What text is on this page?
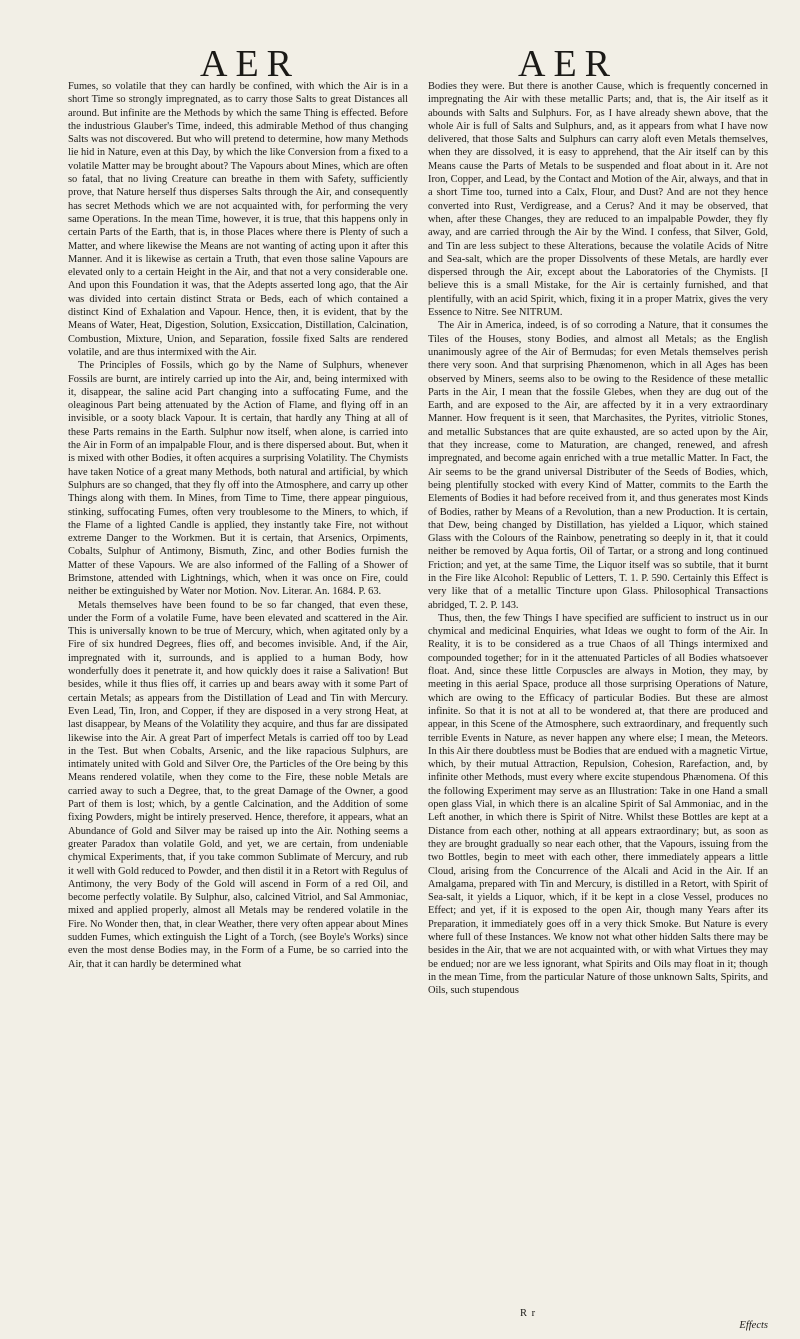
AER	AER

Fumes, so volatile that they can hardly be confined, with which the Air is in a short Time so strongly impregnated, as to carry those Salts to great Distances all around. But infinite are the Methods by which the same Thing is effected. Before the industrious Glauber's Time, indeed, this admirable Method of thus changing Salts was not discovered. But who will pretend to determine, how many Methods lie hid in Nature, even at this Day, by which the like Conversion from a fixed to a volatile Matter may be brought about? The Vapours about Mines, which are often so fatal, that no living Creature can breathe in them with Safety, sufficiently prove, that Nature herself thus disperses Salts through the Air, and consequently has secret Methods which we are not acquainted with, for performing the very same Operations. In the mean Time, however, it is true, that this happens only in certain Parts of the Earth, that is, in those Places where there is Plenty of such a Matter, and where likewise the Means are not wanting of acting upon it after this Manner. And it is likewise as certain a Truth, that even those saline Vapours are elevated only to a certain Height in the Air, and that not a very considerable one. And upon this Foundation it was, that the Adepts asserted long ago, that the Air was divided into certain distinct Strata or Beds, each of which contained a distinct Kind of Exhalation and Vapour. Hence, then, it is evident, that by the Means of Water, Heat, Digestion, Solution, Exsiccation, Distillation, Calcination, Combustion, Mixture, Union, and Separation, fossile fixed Salts are rendered volatile, and are thus intermixed with the Air.

The Principles of Fossils, which go by the Name of Sulphurs, whenever Fossils are burnt, are intirely carried up into the Air, and, being intermixed with it, disappear, the saline acid Part changing into a suffocating Fume, and the oleaginous Part being attenuated by the Action of Flame, and flying off in an invisible, or a sooty black Vapour. It is certain, that hardly any Thing at all of these Parts remains in the Earth. Sulphur now itself, when alone, is carried into the Air in Form of an impalpable Flour, and is there dispersed about. But, when it is mixed with other Bodies, it often acquires a surprising Volatility. The Chymists have taken Notice of a great many Methods, both natural and artificial, by which Sulphurs are so changed, that they fly off into the Atmosphere, and carry up other Things along with them. In Mines, from Time to Time, there appear pinguious, stinking, suffocating Fumes, often very troublesome to the Miners, to which, if the Flame of a lighted Candle is applied, they instantly take Fire, not without extreme Danger to the Workmen. But it is certain, that Arsenics, Orpiments, Cobalts, Sulphur of Antimony, Bismuth, Zinc, and other Bodies furnish the Matter of these Vapours. We are also informed of the Falling of a Shower of Brimstone, attended with Lightnings, which, when it was once on Fire, could neither be extinguished by Water nor Motion. Nov. Literar. An. 1684. P. 63.

Metals themselves have been found to be so far changed, that even these, under the Form of a volatile Fume, have been elevated and scattered in the Air. This is universally known to be true of Mercury, which, when agitated only by a Fire of six hundred Degrees, flies off, and becomes invisible. And, if the Air, impregnated with it, surrounds, and is applied to a human Body, how wonderfully does it penetrate it, and how quickly does it raise a Salivation! But besides, while it thus flies off, it carries up and bears away with it some Part of certain Metals; as appears from the Distillation of Lead and Tin with Mercury. Even Lead, Tin, Iron, and Copper, if they are disposed in a very strong Heat, at last disappear, by Means of the Volatility they acquire, and thus far are dissipated likewise into the Air. A great Part of imperfect Metals is carried off too by Lead in the Test. But when Cobalts, Arsenic, and the like rapacious Sulphurs, are intimately united with Gold and Silver Ore, the Particles of the Ore being by this Means rendered volatile, when they come to the Fire, these noble Metals are carried away to such a Degree, that, to the great Damage of the Owner, a good Part of them is lost; which, by a gentle Calcination, and the Addition of some fixing Powders, might be intirely preserved. Hence, therefore, it appears, what an Abundance of Gold and Silver may be raised up into the Air. Nothing seems a greater Paradox than volatile Gold, and yet, we are certain, from undeniable chymical Experiments, that, if you take common Sublimate of Mercury, and rub it well with Gold reduced to Powder, and then distil it in a Retort with Regulus of Antimony, the very Body of the Gold will ascend in Form of a red Oil, and become perfectly volatile. By Sulphur, also, calcined Vitriol, and Sal Ammoniac, mixed and applied properly, almost all Metals may be rendered volatile in the Fire. No Wonder then, that, in clear Weather, there very often appear about Mines sudden Fumes, which extinguish the Light of a Torch, (see Boyle's Works) since even the most dense Bodies may, in the Form of a Fume, be so carried into the Air, that it can hardly be determined what

Bodies they were. But there is another Cause, which is frequently concerned in impregnating the Air with these metallic Parts; and, that is, the Air itself as it abounds with Salts and Sulphurs. For, as I have already shewn above, that the whole Air is full of Salts and Sulphurs, and, as it appears from what I have now delivered, that those Salts and Sulphurs can carry aloft even Metals themselves, when they are dissolved, it is easy to apprehend, that the Air itself can by this Means cause the Parts of Metals to be suspended and float about in it. Are not Iron, Copper, and Lead, by the Contact and Motion of the Air, always, and that in a short Time too, turned into a Calx, Flour, and Dust? And are not they hence converted into Rust, Verdigrease, and a Cerus? And it may be observed, that when, after these Changes, they are reduced to an impalpable Powder, they fly away, and are carried through the Air by the Wind. I confess, that Silver, Gold, and Tin are less subject to these Alterations, because the volatile Acids of Nitre and Sea-salt, which are the proper Dissolvents of these Metals, are hardly ever dispersed through the Air, except about the Laboratories of the Chymists. [I believe this is a small Mistake, for the Air is certainly furnished, and that plentifully, with an acid Spirit, which, fixing it in a proper Matrix, gives the very Essence to Nitre. See NITRUM.

The Air in America, indeed, is of so corroding a Nature, that it consumes the Tiles of the Houses, stony Bodies, and almost all Metals; as the English unanimously agree of the Air of Bermudas; for even Metals themselves perish there very soon. And that surprising Phænomenon, which in all Ages has been observed by Miners, seems also to be owing to the Residence of these metallic Parts in the Air, I mean that the fossile Glebes, when they are dug out of the Earth, and are exposed to the Air, are affected by it in a very extraordinary Manner. How frequent is it seen, that Marchasites, the Pyrites, vitriolic Stones, and metallic Substances that are quite exhausted, are so acted upon by the Air, that they increase, come to Maturation, are changed, renewed, and afresh impregnated, and become again enriched with a true metallic Matter. In Fact, the Air seems to be the grand universal Distributer of the Seeds of Bodies, which, being plentifully stocked with every Kind of Matter, commits to the Earth the Elements of Bodies it had before received from it, and thus generates most Kinds of Bodies, rather by Means of a Revolution, than a new Production. It is certain, that Dew, being changed by Distillation, has yielded a Liquor, which stained Glass with the Colours of the Rainbow, penetrating so deeply in it, that it could neither be removed by Aqua fortis, Oil of Tartar, or a strong and long continued Friction; and yet, at the same Time, the Liquor itself was so subtile, that it burnt in the Fire like Alcohol: Republic of Letters, T. 1. P. 590. Certainly this Effect is very like that of a metallic Tincture upon Glass. Philosophical Transactions abridged, T. 2. P. 143.

Thus, then, the few Things I have specified are sufficient to instruct us in our chymical and medicinal Enquiries, what Ideas we ought to form of the Air. In Reality, it is to be considered as a true Chaos of all Things intermixed and compounded together; for in it the attenuated Particles of all Bodies whatsoever float. And, since these little Corpuscles are always in Motion, they may, by meeting in this aerial Space, produce all those surprising Operations of Nature, which are owing to the Efficacy of particular Bodies. But these are almost infinite. So that it is not at all to be wondered at, that there are produced and appear, in this Scene of the Atmosphere, such extraordinary, and frequently such terrible Events in Nature, as never happen any where else; I mean, the Meteors. In this Air there doubtless must be Bodies that are endued with a magnetic Virtue, which, by their mutual Attraction, Repulsion, Cohesion, Rarefaction, and, by infinite other Methods, must every where excite stupendous Phænomena. Of this the following Experiment may serve as an Illustration: Take in one Hand a small open glass Vial, in which there is an alcaline Spirit of Sal Ammoniac, and in the Left another, in which there is Spirit of Nitre. Whilst these Bottles are kept at a Distance from each other, nothing at all appears extraordinary; but, as soon as they are brought gradually so near each other, that the Vapours, issuing from the two Bottles, begin to meet with each other, there immediately appears a little Cloud, arising from the Concurrence of the Alcali and Acid in the Air. If an Amalgama, prepared with Tin and Mercury, is distilled in a Retort, with Spirit of Sea-salt, it yields a Liquor, which, if it be kept in a close Vessel, produces no Effect; and yet, if it is exposed to the open Air, though many Years after its Preparation, it immediately goes off in a very thick Smoke. But Nature is every where full of these Instances. We know not what other hidden Salts there may be besides in the Air, that we are not acquainted with, or with what Virtues they may be endued; nor are we less ignorant, what Spirits and Oils may float in it; though in the mean Time, from the particular Nature of those unknown Salts, Spirits, and Oils, such stupendous

R r
Effects
